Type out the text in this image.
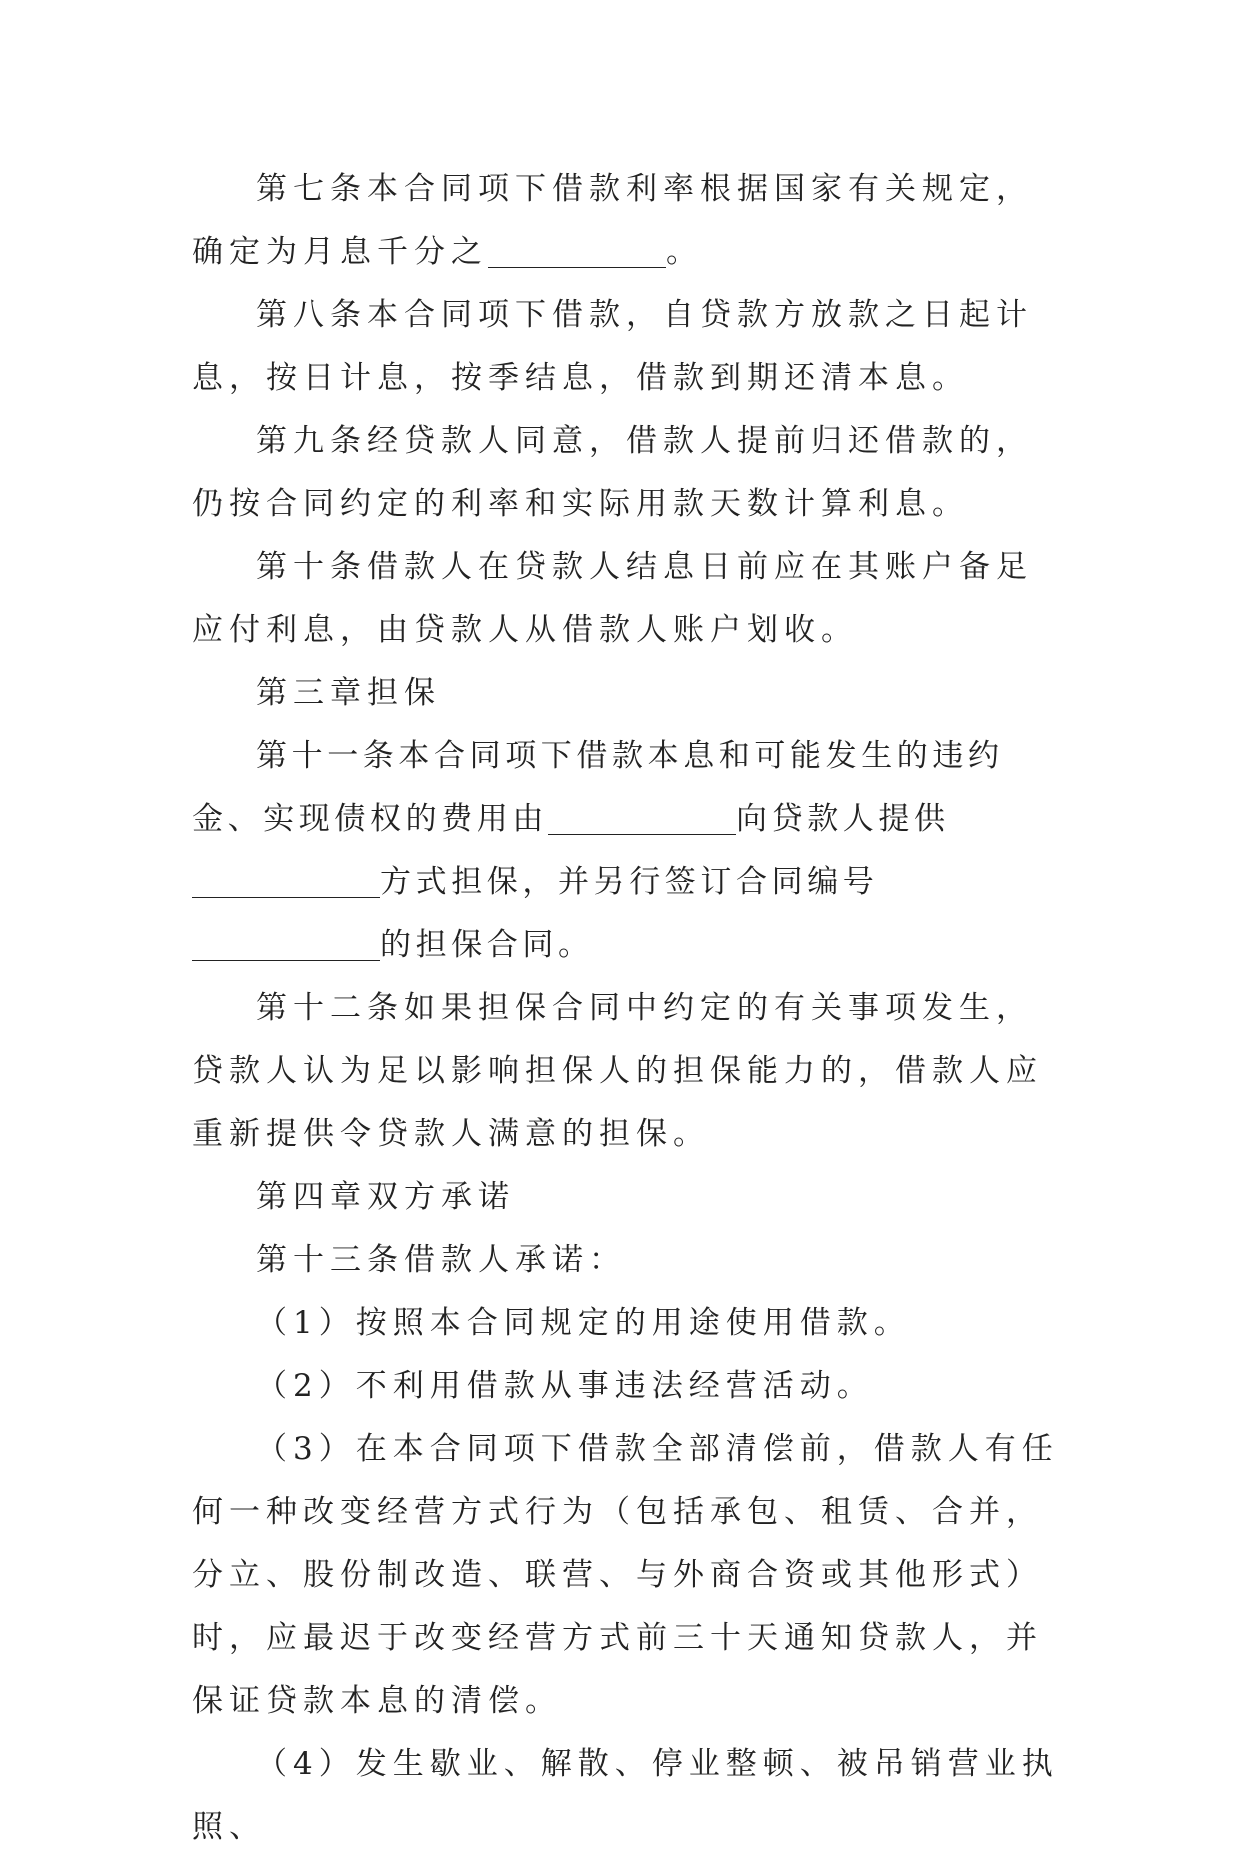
第七条本合同项下借款利率根据国家有关规定，确定为月息千分之	。

第八条本合同项下借款，自贷款方放款之日起计息，按日计息，按季结息，借款到期还清本息。

第九条经贷款人同意，借款人提前归还借款的，仍按合同约定的利率和实际用款天数计算利息。

第十条借款人在贷款人结息日前应在其账户备足应付利息，由贷款人从借款人账户划收。

第三章担保

第十一条本合同项下借款本息和可能发生的违约金、实现债权的费用由	向贷款人提供方式担保，并另行签订合同编号的担保合同。

第十二条如果担保合同中约定的有关事项发生，贷款人认为足以影响担保人的担保能力的，借款人应重新提供令贷款人满意的担保。

第四章双方承诺

第十三条借款人承诺：

（1）按照本合同规定的用途使用借款。

（2）不利用借款从事违法经营活动。

（3）在本合同项下借款全部清偿前，借款人有任何一种改变经营方式行为（包括承包、租赁、合并，分立、股份制改造、联营、与外商合资或其他形式）时，应最迟于改变经营方式前三十天通知贷款人，并保证贷款本息的清偿。

（4）发生歇业、解散、停业整顿、被吊销营业执照、
